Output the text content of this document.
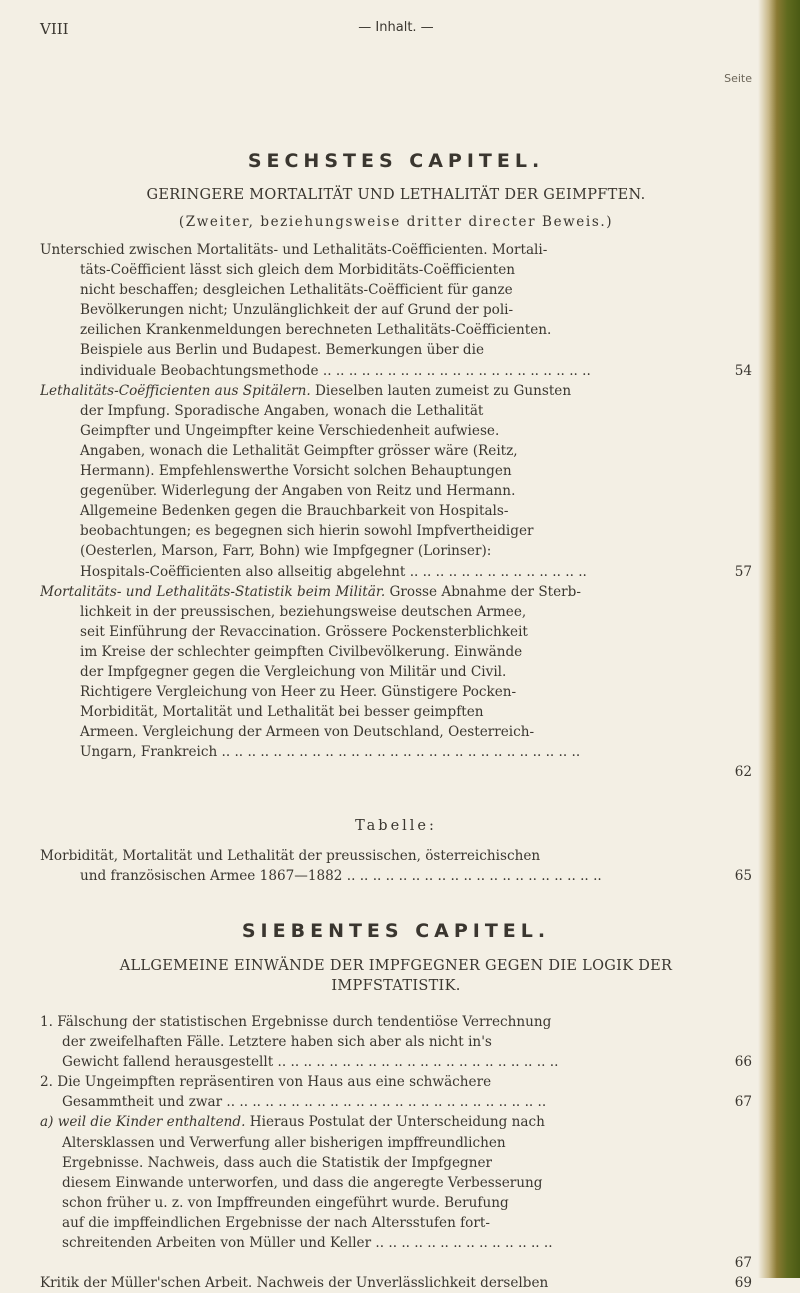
VIII	— Inhalt. —
Seite
SECHSTES CAPITEL.
GERINGERE MORTALITÄT UND LETHALITÄT DER GEIMPFTEN.
(Zweiter, beziehungsweise dritter directer Beweis.)
Unterschied zwischen Mortalitäts- und Lethalitäts-Coëfficienten. Mortali-
täts-Coëfficient lässt sich gleich dem Morbiditäts-Coëfficienten
nicht beschaffen; desgleichen Lethalitäts-Coëfficient für ganze
Bevölkerungen nicht; Unzulänglichkeit der auf Grund der poli-
zeilichen Krankenmeldungen berechneten Lethalitäts-Coëfficienten.
Beispiele aus Berlin und Budapest. Bemerkungen über die
individuale Beobachtungsmethode .. .. .. .. .. .. .. .. .. .. .. .. .. .. .. .. .. .. .. .. ..	54
Lethalitäts-Coëfficienten aus Spitälern. Dieselben lauten zumeist zu Gunsten
der Impfung. Sporadische Angaben, wonach die Lethalität
Geimpfter und Ungeimpfter keine Verschiedenheit aufwiese.
Angaben, wonach die Lethalität Geimpfter grösser wäre (Reitz,
Hermann). Empfehlenswerthe Vorsicht solchen Behauptungen
gegenüber. Widerlegung der Angaben von Reitz und Hermann.
Allgemeine Bedenken gegen die Brauchbarkeit von Hospitals-
beobachtungen; es begegnen sich hierin sowohl Impfvertheidiger
(Oesterlen, Marson, Farr, Bohn) wie Impfgegner (Lorinser):
Hospitals-Coëfficienten also allseitig abgelehnt .. .. .. .. .. .. .. .. .. .. .. .. .. ..	57
Mortalitäts- und Lethalitäts-Statistik beim Militär. Grosse Abnahme der Sterb-
lichkeit in der preussischen, beziehungsweise deutschen Armee,
seit Einführung der Revaccination. Grössere Pockensterblichkeit
im Kreise der schlechter geimpften Civilbevölkerung. Einwände
der Impfgegner gegen die Vergleichung von Militär und Civil.
Richtigere Vergleichung von Heer zu Heer. Günstigere Pocken-
Morbidität, Mortalität und Lethalität bei besser geimpften
Armeen. Vergleichung der Armeen von Deutschland, Oesterreich-
Ungarn, Frankreich .. .. .. .. .. .. .. .. .. .. .. .. .. .. .. .. .. .. .. .. .. .. .. .. .. .. .. ..
62
Tabelle:
Morbidität, Mortalität und Lethalität der preussischen, österreichischen
und französischen Armee 1867—1882 .. .. .. .. .. .. .. .. .. .. .. .. .. .. .. .. .. .. .. ..	65
SIEBENTES CAPITEL.
ALLGEMEINE EINWÄNDE DER IMPFGEGNER GEGEN DIE LOGIK DER
IMPFSTATISTIK.
1. Fälschung der statistischen Ergebnisse durch tendentiöse Verrechnung
der zweifelhaften Fälle. Letztere haben sich aber als nicht in's
Gewicht fallend herausgestellt .. .. .. .. .. .. .. .. .. .. .. .. .. .. .. .. .. .. .. .. .. ..	66
2. Die Ungeimpften repräsentiren von Haus aus eine schwächere
Gesammtheit und zwar .. .. .. .. .. .. .. .. .. .. .. .. .. .. .. .. .. .. .. .. .. .. .. .. ..	67
a) weil die Kinder enthaltend. Hieraus Postulat der Unterscheidung nach
Altersklassen und Verwerfung aller bisherigen impffreundlichen
Ergebnisse. Nachweis, dass auch die Statistik der Impfgegner
diesem Einwande unterworfen, und dass die angeregte Verbesserung
schon früher u. z. von Impffreunden eingeführt wurde. Berufung
auf die impffeindlichen Ergebnisse der nach Altersstufen fort-
schreitenden Arbeiten von Müller und Keller .. .. .. .. .. .. .. .. .. .. .. .. .. ..
67
Kritik der Müller'schen Arbeit. Nachweis der Unverlässlichkeit derselben	69
